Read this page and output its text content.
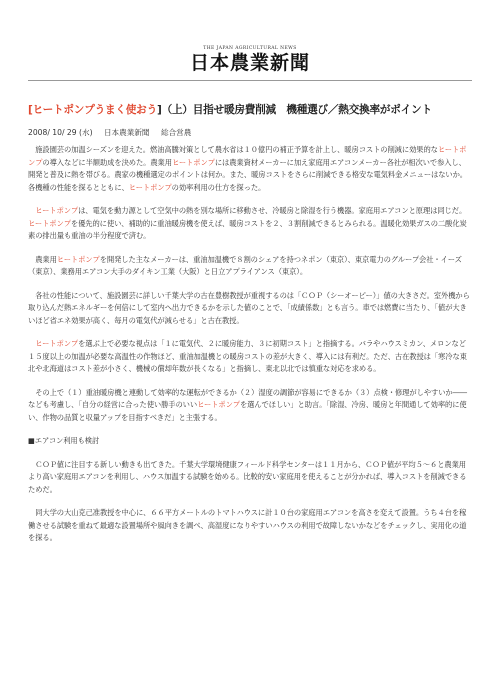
THE JAPAN AGRICULTURAL NEWS
日本農業新聞
[ヒートポンプうまく使おう]（上）目指せ暖房費削減　機種選び／熱交換率がポイント
2008/ 10/ 29 (水) 日本農業新聞 総合営農

　施設園芸の加温シーズンを迎えた。燃油高騰対策として農水省は１０億円の補正予算を計上し、暖房コストの削減に効果的なヒートポンプの導入などに半額助成を決めた。農業用ヒートポンプには農業資材メーカーに加え家庭用エアコンメーカー各社が相次いで参入し、開発と普及に熱を帯びる。農家の機種選定のポイントは何か。また、暖房コストをさらに削減できる格安な電気料金メニューはないか。各機種の性能を探るとともに、ヒートポンプの効率利用の仕方を探った。

　ヒートポンプは、電気を動力源として空気中の熱を別な場所に移動させ、冷暖房と除湿を行う機器。家庭用エアコンと原理は同じだ。ヒートポンプを優先的に使い、補助的に重油暖房機を使えば、暖房コストを２、３割削減できるとみられる。温暖化効果ガスの二酸化炭素の排出量も重油の半分程度で済む。

　農業用ヒートポンプを開発した主なメーカーは、重油加温機で８割のシェアを持つネポン（東京）、東京電力のグループ会社・イーズ（東京）、業務用エアコン大手のダイキン工業（大阪）と日立アプライアンス（東京）。

　各社の性能について、施設園芸に詳しい千葉大学の古在豊樹教授が重視するのは「ＣＯＰ（シーオーピー）」値の大きさだ。室外機から取り込んだ熱エネルギーを何倍にして室内へ出力できるかを示した値のことで、「成績係数」とも言う。車では燃費に当たり、「値が大きいほど省エネ効果が高く、毎月の電気代が減らせる」と古在教授。

　ヒートポンプを選ぶ上で必要な視点は「１に電気代、２に暖房能力、３に初期コスト」と指摘する。バラやハウスミカン、メロンなど１５度以上の加温が必要な高温性の作物ほど、重油加温機との暖房コストの差が大きく、導入には有利だ。ただ、古在教授は「寒冷な東北や北海道はコスト差が小さく、機械の償却年数が長くなる」と指摘し、東北以北では慎重な対応を求める。

　その上で（１）重油暖房機と連動して効率的な運転ができるか（２）湿度の調節が容易にできるか（３）点検・修理がしやすいか――なども考慮し、「自分の経営に合った使い勝手のいいヒートポンプを選んでほしい」と助言。「除湿、冷房、暖房と年間通して効率的に使い、作物の品質と収量アップを目指すべきだ」と主張する。

■エアコン利用も検討

　ＣＯＰ値に注目する新しい動きも出てきた。千葉大学環境健康フィールド科学センターは１１月から、ＣＯＰ値が平均５～６と農業用より高い家庭用エアコンを利用し、ハウス加温する試験を始める。比較的安い家庭用を使えることが分かれば、導入コストを削減できるためだ。

　同大学の大山克己准教授を中心に、６６平方メートルのトマトハウスに計１０台の家庭用エアコンを高さを変えて設置。うち４台を稼働させる試験を重ねて最適な設置場所や風向きを調べ、高湿度になりやすいハウスの利用で故障しないかなどをチェックし、実用化の道を探る。
